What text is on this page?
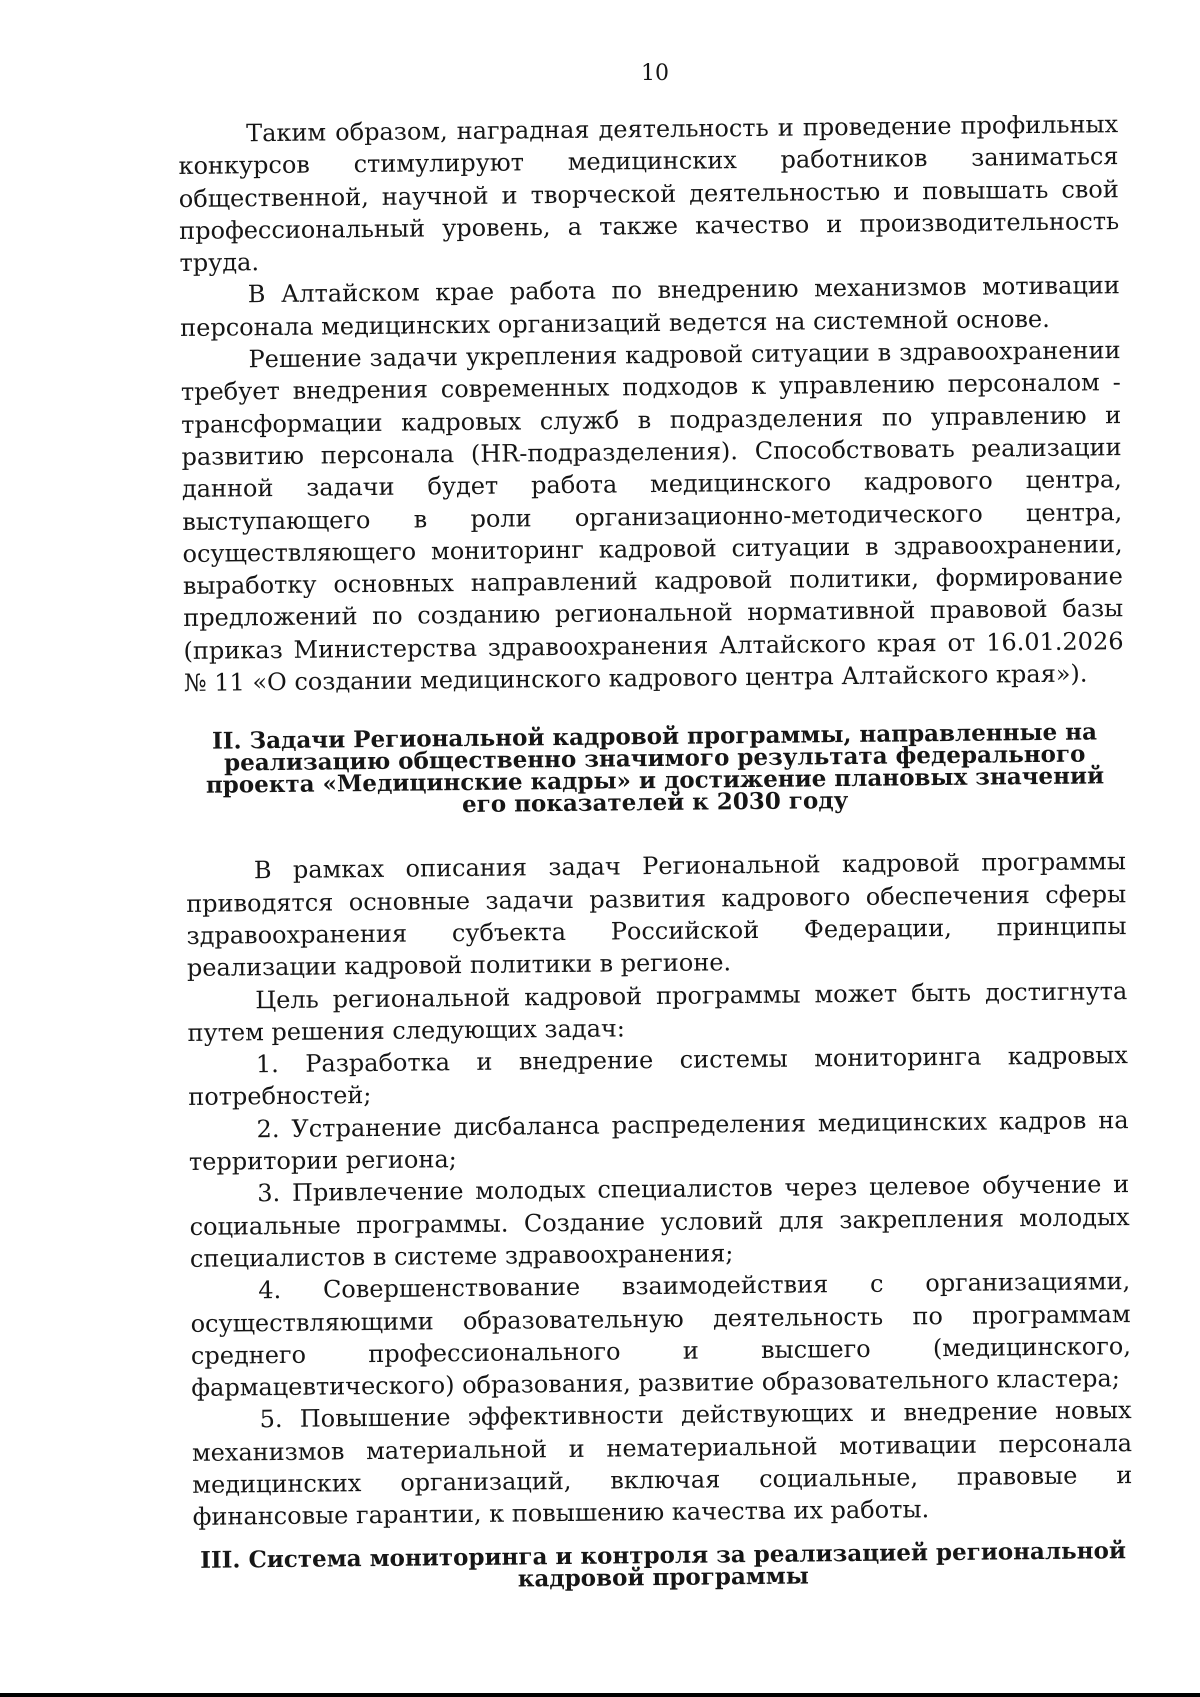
10

Таким образом, наградная деятельность и проведение профильных конкурсов стимулируют медицинских работников заниматься общественной, научной и творческой деятельностью и повышать свой профессиональный уровень, а также качество и производительность труда.

В Алтайском крае работа по внедрению механизмов мотивации персонала медицинских организаций ведется на системной основе.

Решение задачи укрепления кадровой ситуации в здравоохранении требует внедрения современных подходов к управлению персоналом - трансформации кадровых служб в подразделения по управлению и развитию персонала (HR-подразделения). Способствовать реализации данной задачи будет работа медицинского кадрового центра, выступающего в роли организационно-методического центра, осуществляющего мониторинг кадровой ситуации в здравоохранении, выработку основных направлений кадровой политики, формирование предложений по созданию региональной нормативной правовой базы (приказ Министерства здравоохранения Алтайского края от 16.01.2026 № 11 «О создании медицинского кадрового центра Алтайского края»).

II. Задачи Региональной кадровой программы, направленные на реализацию общественно значимого результата федерального проекта «Медицинские кадры» и достижение плановых значений его показателей к 2030 году

В рамках описания задач Региональной кадровой программы приводятся основные задачи развития кадрового обеспечения сферы здравоохранения субъекта Российской Федерации, принципы реализации кадровой политики в регионе.

Цель региональной кадровой программы может быть достигнута путем решения следующих задач:

1. Разработка и внедрение системы мониторинга кадровых потребностей;

2. Устранение дисбаланса распределения медицинских кадров на территории региона;

3. Привлечение молодых специалистов через целевое обучение и социальные программы. Создание условий для закрепления молодых специалистов в системе здравоохранения;

4. Совершенствование взаимодействия с организациями, осуществляющими образовательную деятельность по программам среднего профессионального и высшего (медицинского, фармацевтического) образования, развитие образовательного кластера;

5. Повышение эффективности действующих и внедрение новых механизмов материальной и нематериальной мотивации персонала медицинских организаций, включая социальные, правовые и финансовые гарантии, к повышению качества их работы.

III. Система мониторинга и контроля за реализацией региональной кадровой программы
